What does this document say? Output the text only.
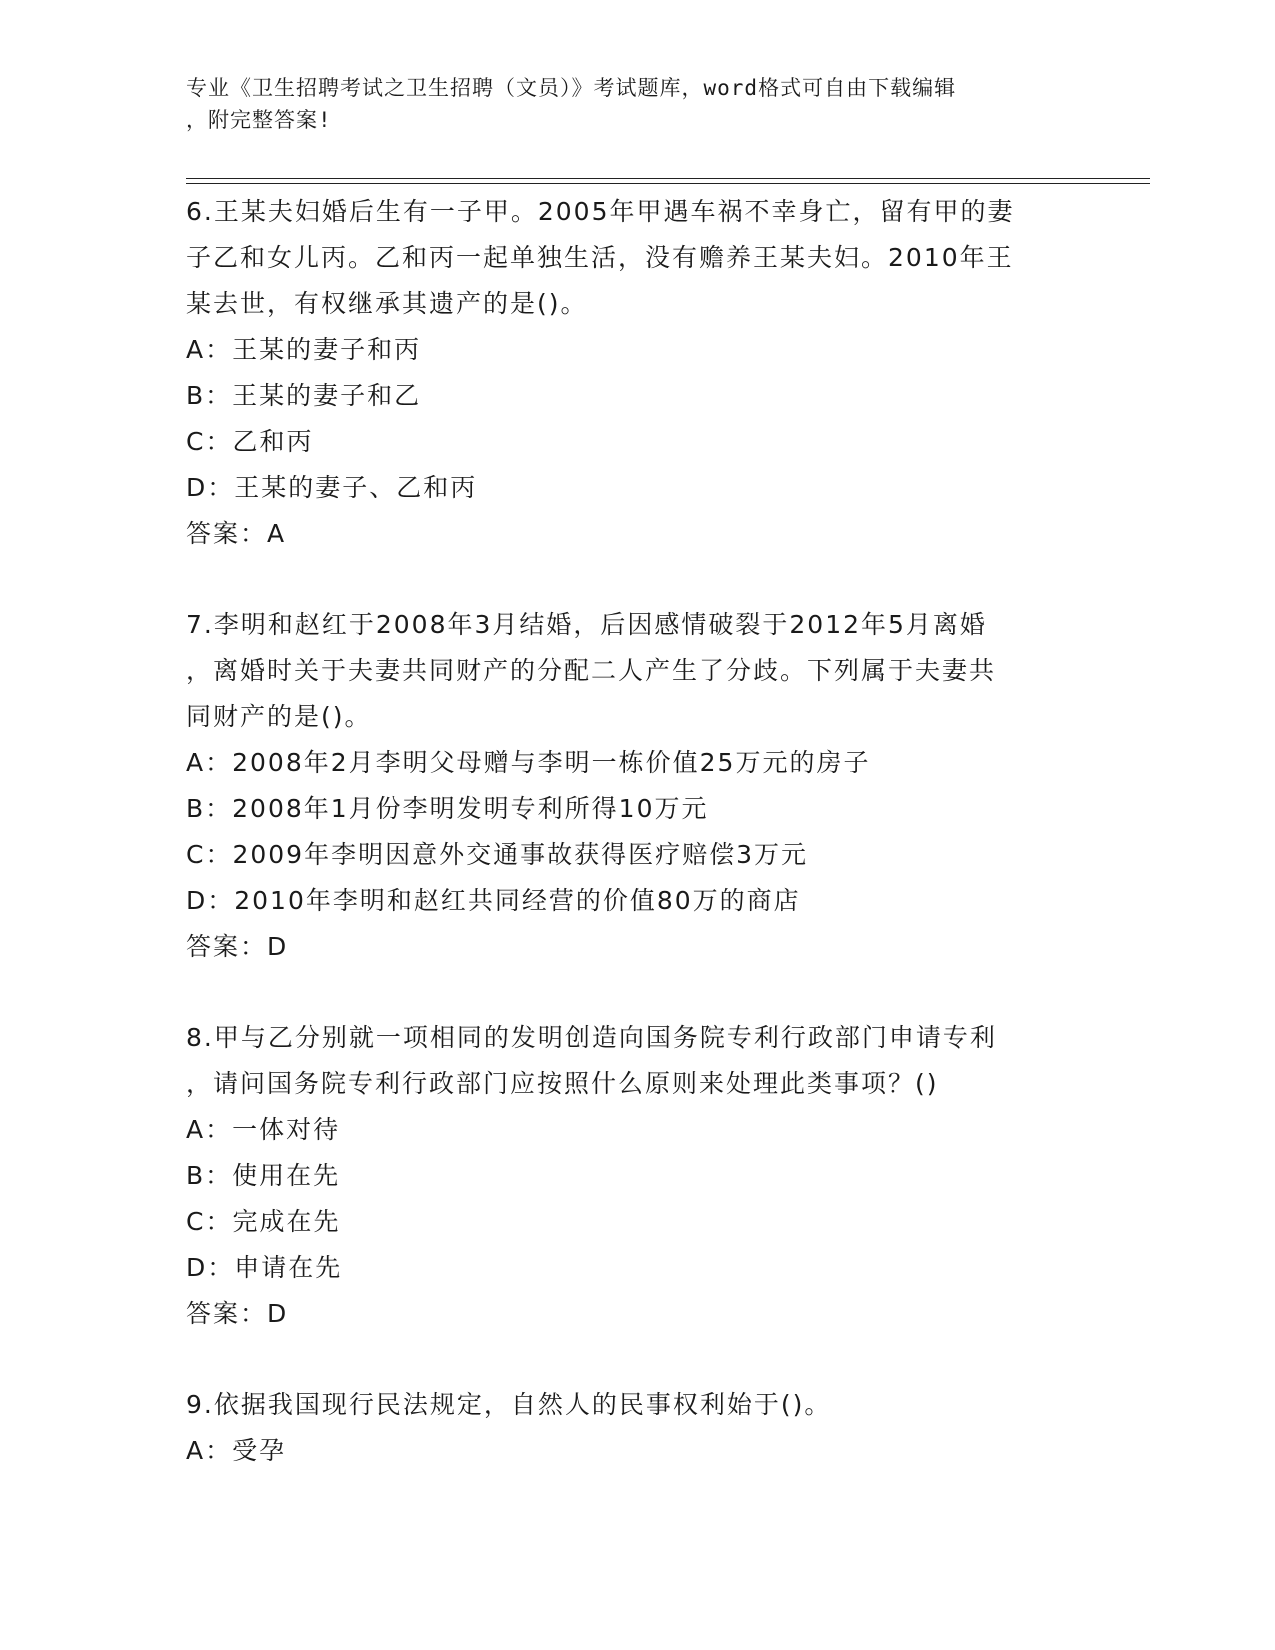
专业《卫生招聘考试之卫生招聘（文员）》考试题库，word格式可自由下载编辑
，附完整答案!

6.王某夫妇婚后生有一子甲。2005年甲遇车祸不幸身亡，留有甲的妻

子乙和女儿丙。乙和丙一起单独生活，没有赡养王某夫妇。2010年王

某去世，有权继承其遗产的是()。

A：王某的妻子和丙

B：王某的妻子和乙

C：乙和丙

D：王某的妻子、乙和丙

答案：A

7.李明和赵红于2008年3月结婚，后因感情破裂于2012年5月离婚

，离婚时关于夫妻共同财产的分配二人产生了分歧。下列属于夫妻共

同财产的是()。

A：2008年2月李明父母赠与李明一栋价值25万元的房子

B：2008年1月份李明发明专利所得10万元

C：2009年李明因意外交通事故获得医疗赔偿3万元

D：2010年李明和赵红共同经营的价值80万的商店

答案：D

8.甲与乙分别就一项相同的发明创造向国务院专利行政部门申请专利

，请问国务院专利行政部门应按照什么原则来处理此类事项？()

A：一体对待

B：使用在先

C：完成在先

D：申请在先

答案：D

9.依据我国现行民法规定，自然人的民事权利始于()。

A：受孕
